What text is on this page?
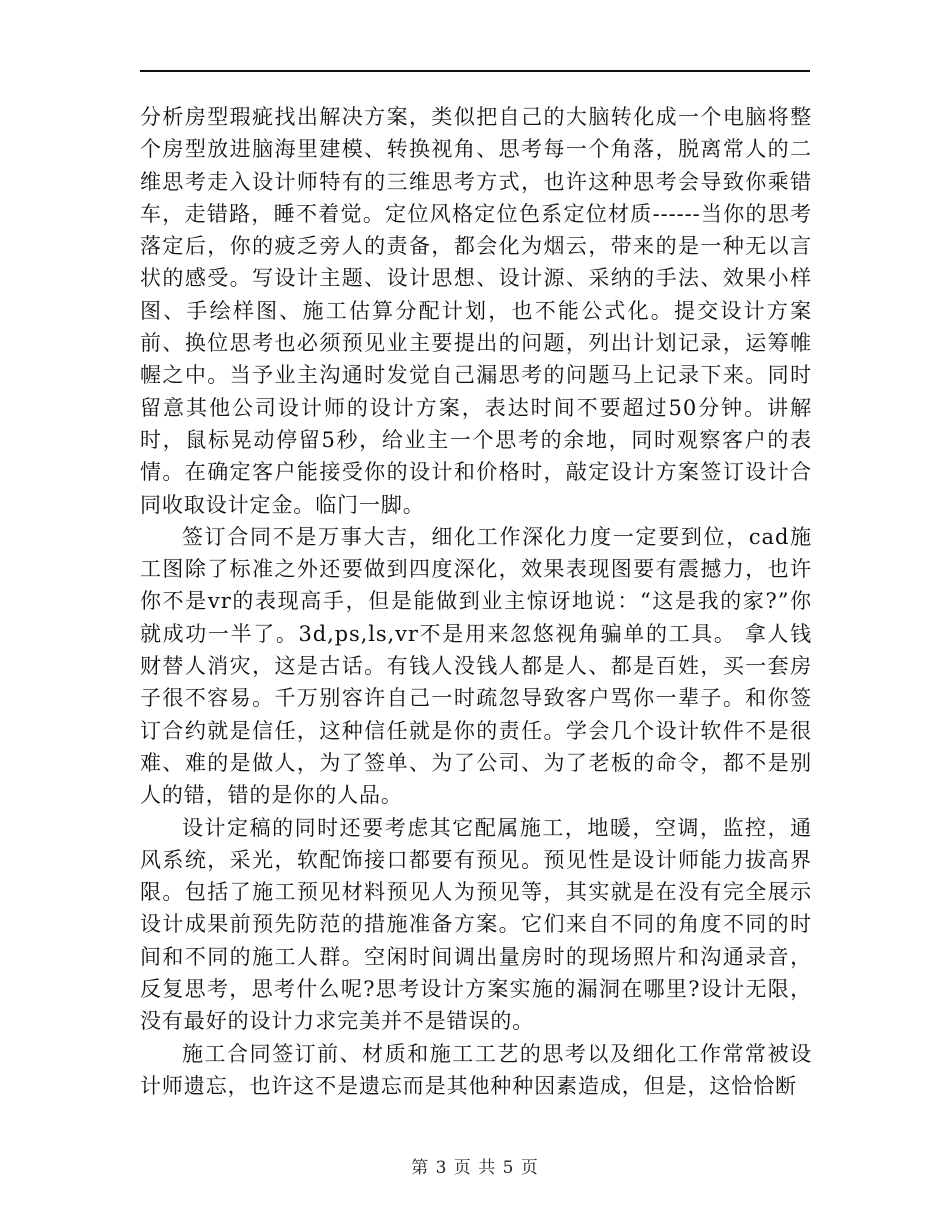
分析房型瑕疵找出解决方案，类似把自己的大脑转化成一个电脑将整个房型放进脑海里建模、转换视角、思考每一个角落，脱离常人的二维思考走入设计师特有的三维思考方式，也许这种思考会导致你乘错车，走错路，睡不着觉。定位风格定位色系定位材质------当你的思考落定后，你的疲乏旁人的责备，都会化为烟云，带来的是一种无以言状的感受。写设计主题、设计思想、设计源、采纳的手法、效果小样图、手绘样图、施工估算分配计划，也不能公式化。提交设计方案前、换位思考也必须预见业主要提出的问题，列出计划记录，运筹帷幄之中。当予业主沟通时发觉自己漏思考的问题马上记录下来。同时留意其他公司设计师的设计方案，表达时间不要超过50分钟。讲解时，鼠标晃动停留5秒，给业主一个思考的余地，同时观察客户的表情。在确定客户能接受你的设计和价格时，敲定设计方案签订设计合同收取设计定金。临门一脚。

签订合同不是万事大吉，细化工作深化力度一定要到位，cad施工图除了标准之外还要做到四度深化，效果表现图要有震撼力，也许你不是vr的表现高手，但是能做到业主惊讶地说：“这是我的家?”你就成功一半了。3d,ps,ls,vr不是用来忽悠视角骗单的工具。 拿人钱财替人消灾，这是古话。有钱人没钱人都是人、都是百姓，买一套房子很不容易。千万别容许自己一时疏忽导致客户骂你一辈子。和你签订合约就是信任，这种信任就是你的责任。学会几个设计软件不是很难、难的是做人，为了签单、为了公司、为了老板的命令，都不是别人的错，错的是你的人品。

设计定稿的同时还要考虑其它配属施工，地暖，空调，监控，通风系统，采光，软配饰接口都要有预见。预见性是设计师能力拔高界限。包括了施工预见材料预见人为预见等，其实就是在没有完全展示设计成果前预先防范的措施准备方案。它们来自不同的角度不同的时间和不同的施工人群。空闲时间调出量房时的现场照片和沟通录音，反复思考，思考什么呢?思考设计方案实施的漏洞在哪里?设计无限，没有最好的设计力求完美并不是错误的。

施工合同签订前、材质和施工工艺的思考以及细化工作常常被设计师遗忘，也许这不是遗忘而是其他种种因素造成，但是，这恰恰断

第 3 页 共 5 页
